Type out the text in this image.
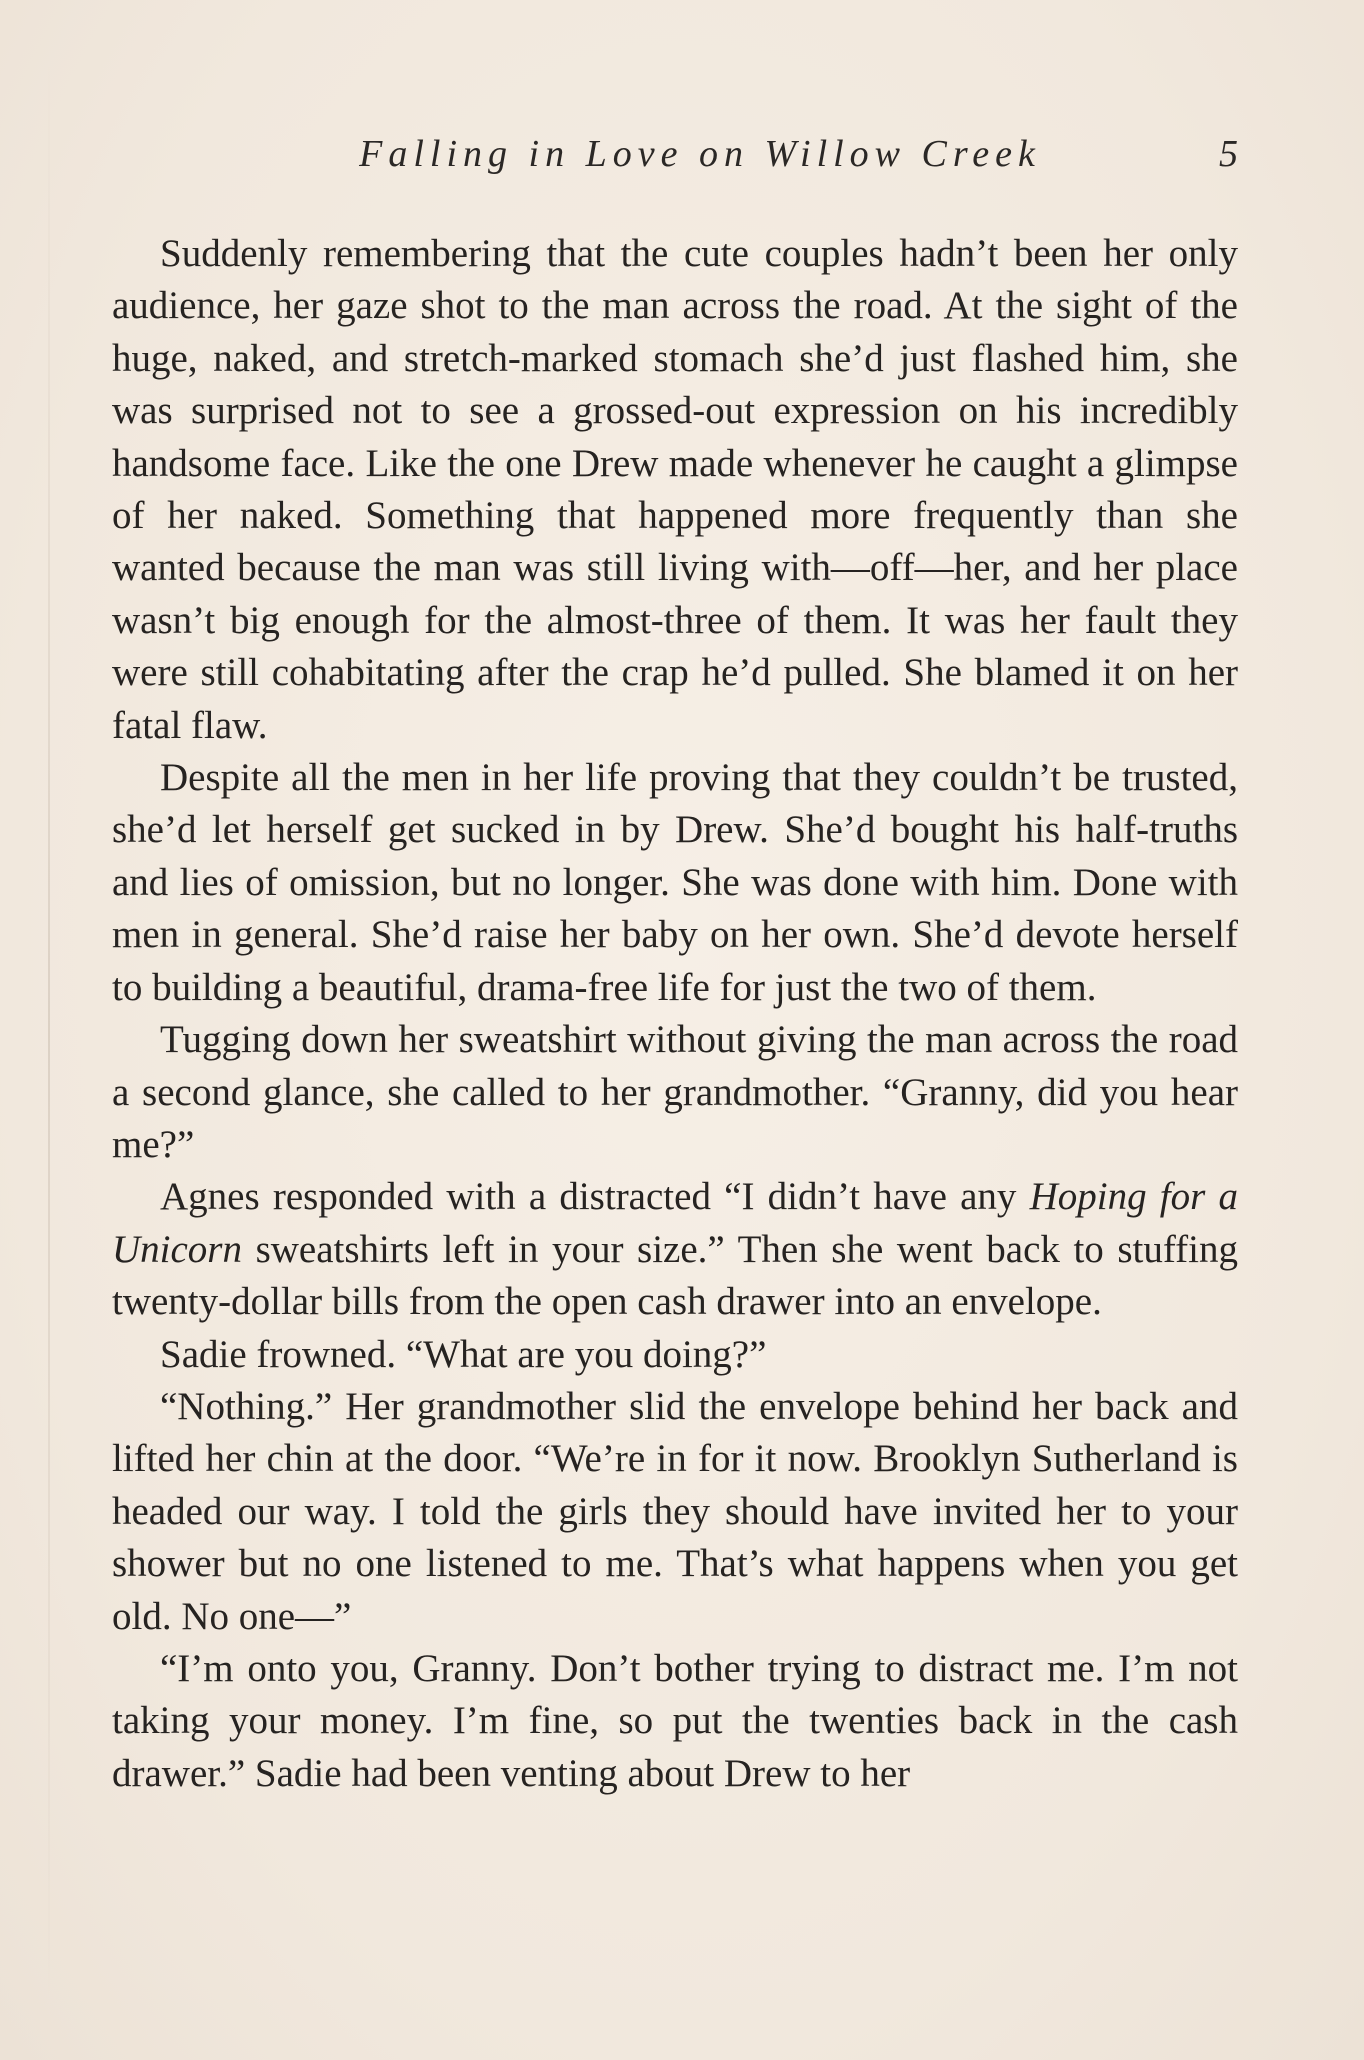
Falling in Love on Willow Creek	5

Suddenly remembering that the cute couples hadn’t been her only audience, her gaze shot to the man across the road. At the sight of the huge, naked, and stretch-marked stomach she’d just flashed him, she was surprised not to see a grossed-out expression on his incredibly handsome face. Like the one Drew made whenever he caught a glimpse of her naked. Something that happened more frequently than she wanted because the man was still living with—off—her, and her place wasn’t big enough for the almost-three of them. It was her fault they were still cohabitating after the crap he’d pulled. She blamed it on her fatal flaw.

Despite all the men in her life proving that they couldn’t be trusted, she’d let herself get sucked in by Drew. She’d bought his half-truths and lies of omission, but no longer. She was done with him. Done with men in general. She’d raise her baby on her own. She’d devote herself to building a beautiful, drama-free life for just the two of them.

Tugging down her sweatshirt without giving the man across the road a second glance, she called to her grandmother. “Granny, did you hear me?”

Agnes responded with a distracted “I didn’t have any Hoping for a Unicorn sweatshirts left in your size.” Then she went back to stuffing twenty-dollar bills from the open cash drawer into an envelope.

Sadie frowned. “What are you doing?”

“Nothing.” Her grandmother slid the envelope behind her back and lifted her chin at the door. “We’re in for it now. Brooklyn Sutherland is headed our way. I told the girls they should have invited her to your shower but no one listened to me. That’s what happens when you get old. No one—”

“I’m onto you, Granny. Don’t bother trying to distract me. I’m not taking your money. I’m fine, so put the twenties back in the cash drawer.” Sadie had been venting about Drew to her
